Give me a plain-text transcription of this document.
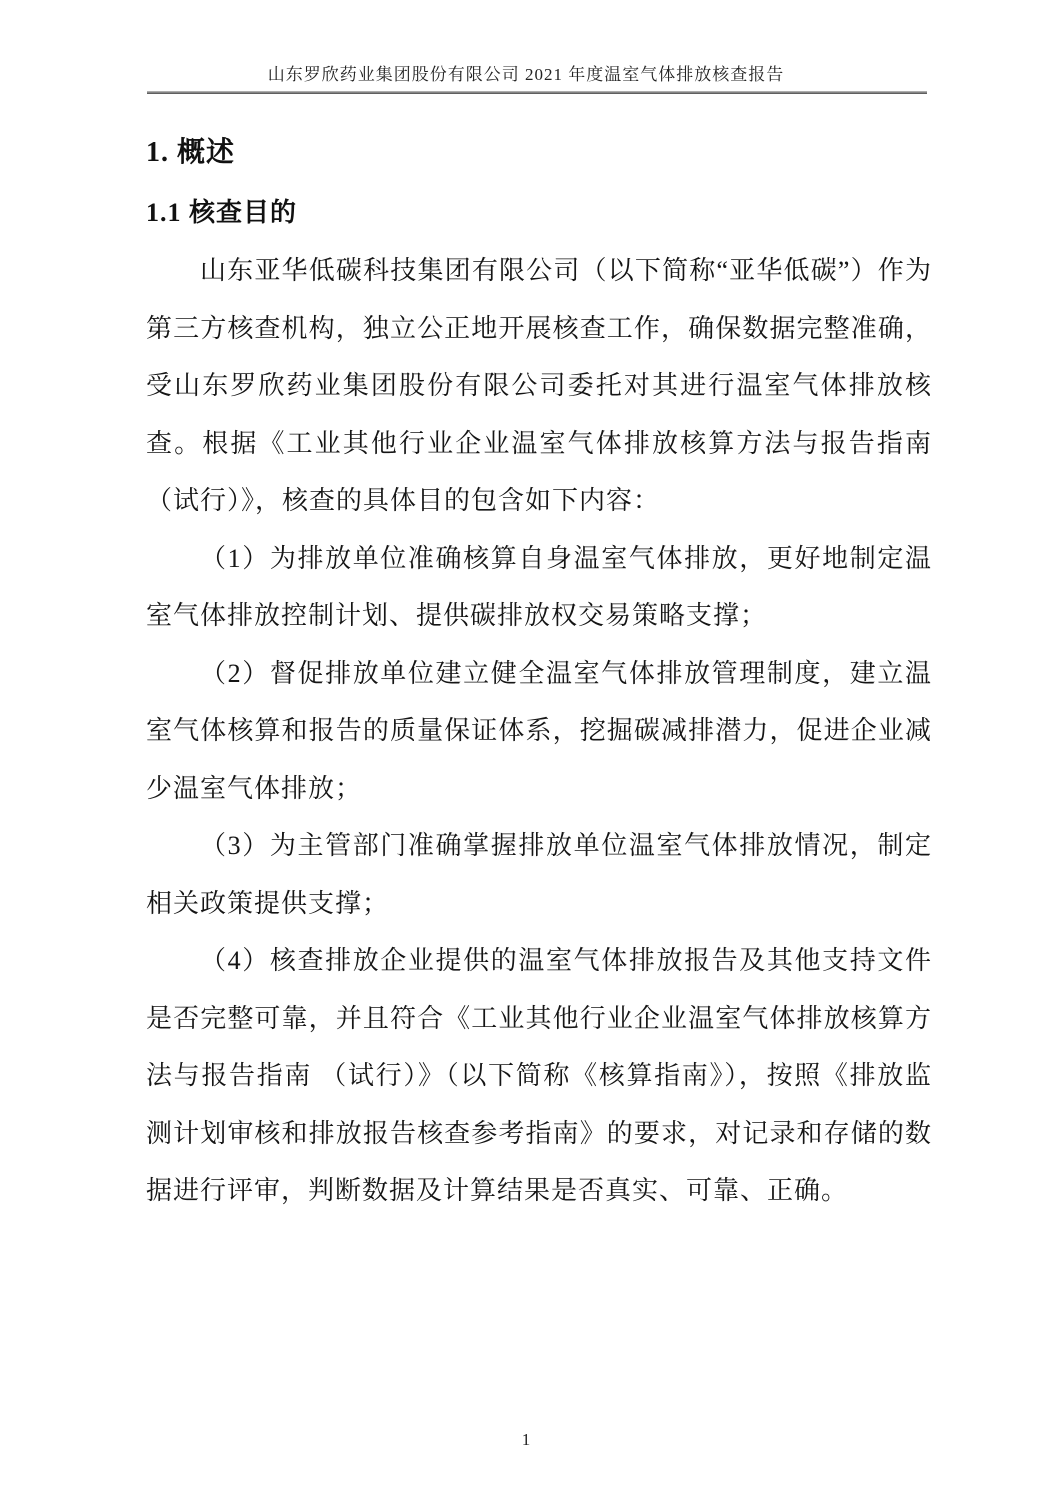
山东罗欣药业集团股份有限公司 2021 年度温室气体排放核查报告
1. 概述
1.1 核查目的

山东亚华低碳科技集团有限公司（以下简称“亚华低碳”）作为第三方核查机构，独立公正地开展核查工作，确保数据完整准确，受山东罗欣药业集团股份有限公司委托对其进行温室气体排放核查。根据《工业其他行业企业温室气体排放核算方法与报告指南 （试行）》，核查的具体目的包含如下内容：

（1）为排放单位准确核算自身温室气体排放，更好地制定温室气体排放控制计划、提供碳排放权交易策略支撑；

（2）督促排放单位建立健全温室气体排放管理制度，建立温室气体核算和报告的质量保证体系，挖掘碳减排潜力，促进企业减少温室气体排放；

（3）为主管部门准确掌握排放单位温室气体排放情况，制定相关政策提供支撑；

（4）核查排放企业提供的温室气体排放报告及其他支持文件是否完整可靠，并且符合《工业其他行业企业温室气体排放核算方法与报告指南 （试行）》（以下简称《核算指南》），按照《排放监测计划审核和排放报告核查参考指南》的要求，对记录和存储的数据进行评审，判断数据及计算结果是否真实、可靠、正确。

1
